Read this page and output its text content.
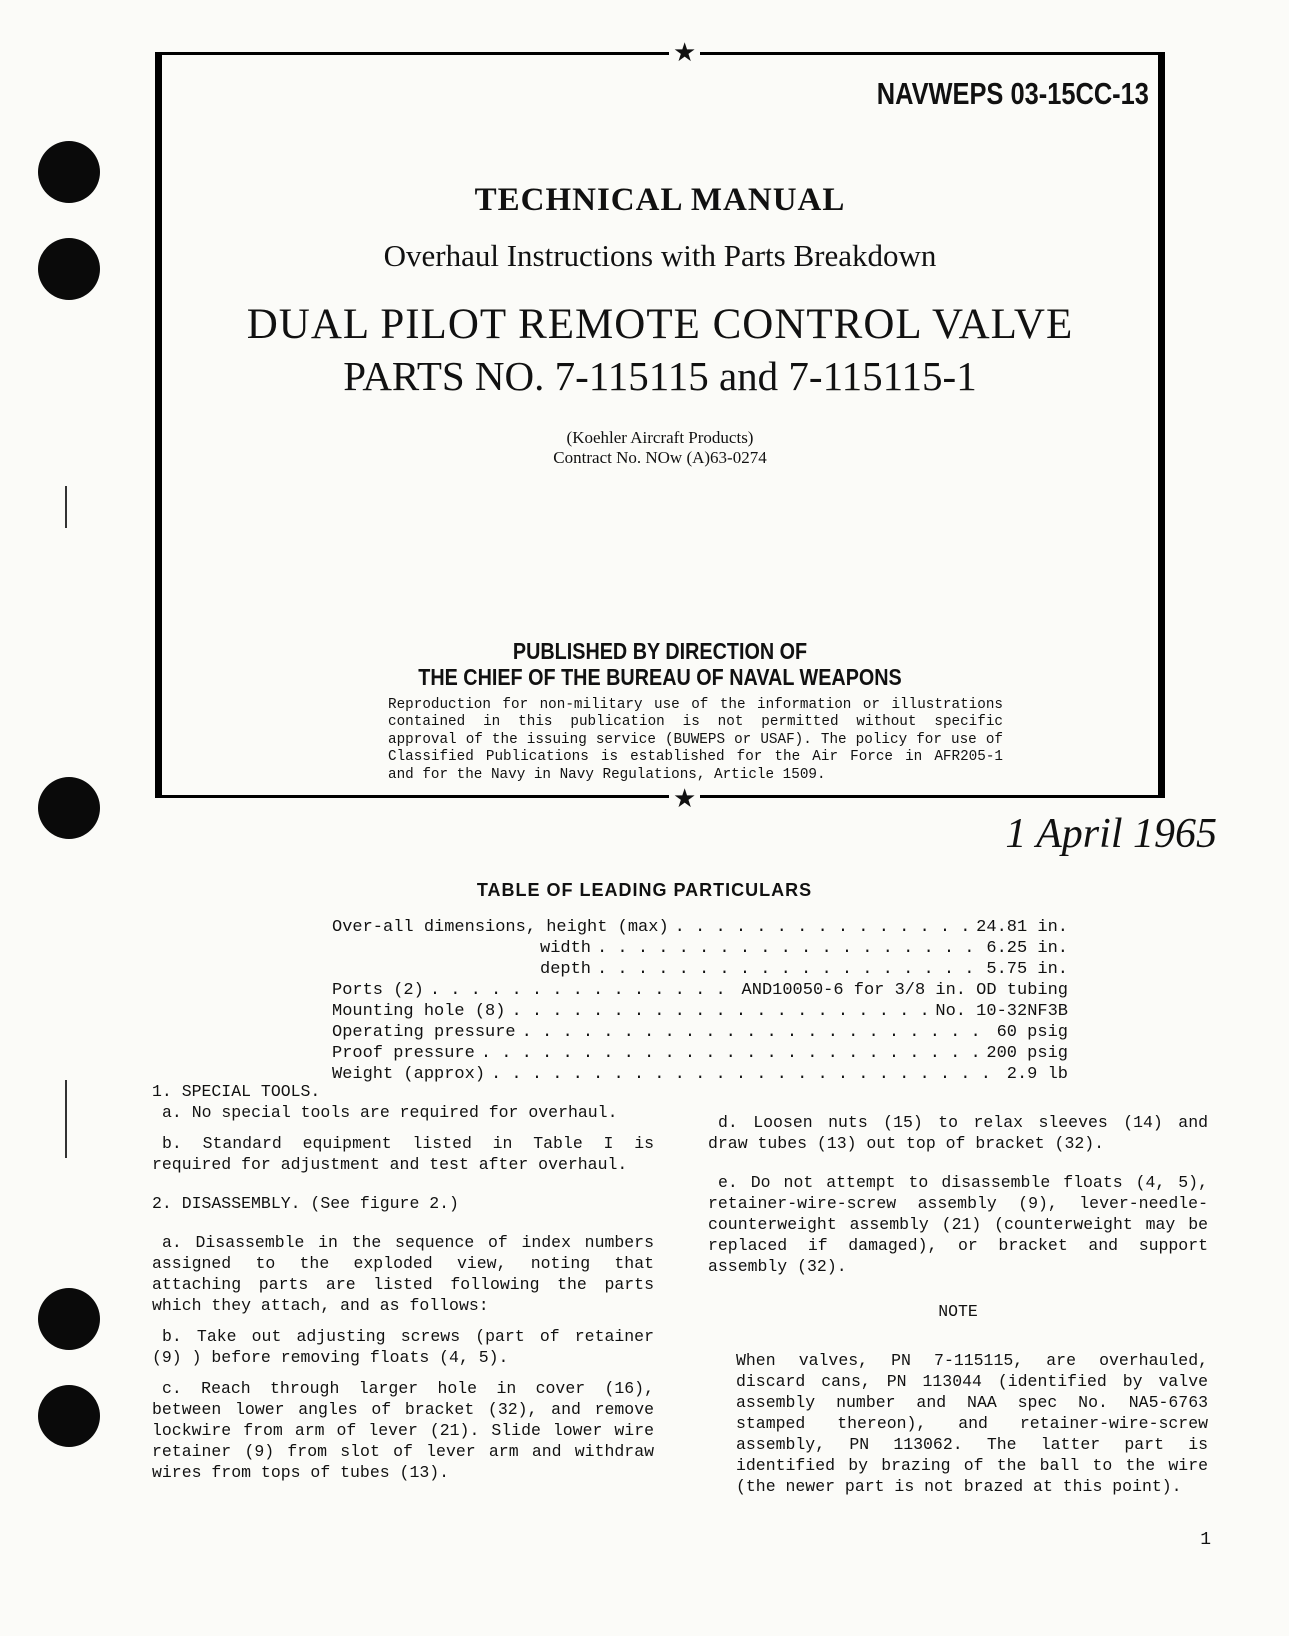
★
★
NAVWEPS 03-15CC-13
TECHNICAL MANUAL
Overhaul Instructions with Parts Breakdown
DUAL PILOT REMOTE CONTROL VALVE
PARTS NO. 7-115115 and 7-115115-1
(Koehler Aircraft Products)
Contract No. NOw (A)63-0274
PUBLISHED BY DIRECTION OF
THE CHIEF OF THE BUREAU OF NAVAL WEAPONS
Reproduction for non-military use of the information or illustrations contained in this publication is not permitted without specific approval of the issuing service (BUWEPS or USAF). The policy for use of Classified Publications is established for the Air Force in AFR205-1 and for the Navy in Navy Regulations, Article 1509.
1 April 1965
TABLE OF LEADING PARTICULARS
Over-all dimensions, height (max) . . .	24.81 in.
width . . .	6.25 in.
depth . . .	5.75 in.
Ports (2) . . .	AND10050-6 for 3/8 in. OD tubing
Mounting hole (8) . . .	No. 10-32NF3B
Operating pressure . . .	60 psig
Proof pressure . . .	200 psig
Weight (approx) . . .	2.9 lb

1. SPECIAL TOOLS.

a. No special tools are required for overhaul.

b. Standard equipment listed in Table I is required for adjustment and test after overhaul.

2. DISASSEMBLY. (See figure 2.)

a. Disassemble in the sequence of index numbers assigned to the exploded view, noting that attaching parts are listed following the parts which they attach, and as follows:

b. Take out adjusting screws (part of retainer (9) ) before removing floats (4, 5).

c. Reach through larger hole in cover (16), between lower angles of bracket (32), and remove lockwire from arm of lever (21). Slide lower wire retainer (9) from slot of lever arm and withdraw wires from tops of tubes (13).

d. Loosen nuts (15) to relax sleeves (14) and draw tubes (13) out top of bracket (32).

e. Do not attempt to disassemble floats (4, 5), retainer-wire-screw assembly (9), lever-needle-counterweight assembly (21) (counterweight may be replaced if damaged), or bracket and support assembly (32).

NOTE

When valves, PN 7-115115, are overhauled, discard cans, PN 113044 (identified by valve assembly number and NAA spec No. NA5-6763 stamped thereon), and retainer-wire-screw assembly, PN 113062. The latter part is identified by brazing of the ball to the wire (the newer part is not brazed at this point).

1
